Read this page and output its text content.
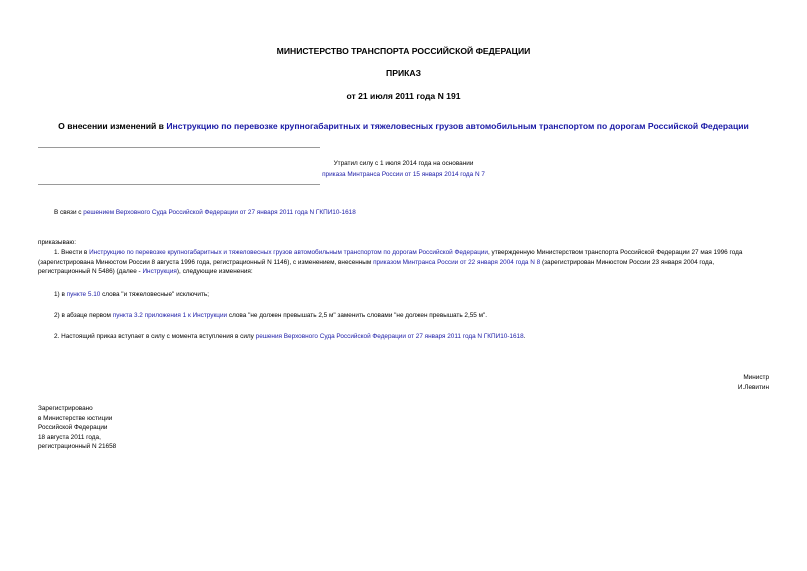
МИНИСТЕРСТВО ТРАНСПОРТА РОССИЙСКОЙ ФЕДЕРАЦИИ
ПРИКАЗ
от 21 июля 2011 года N 191
О внесении изменений в Инструкцию по перевозке крупногабаритных и тяжеловесных грузов автомобильным транспортом по дорогам Российской Федерации
Утратил силу с 1 июля 2014 года на основании
приказа Минтранса России от 15 января 2014 года N 7
В связи с решением Верховного Суда Российской Федерации от 27 января 2011 года N ГКПИ10-1618
приказываю:
1. Внести в Инструкцию по перевозке крупногабаритных и тяжеловесных грузов автомобильным транспортом по дорогам Российской Федерации, утвержденную Министерством транспорта Российской Федерации 27 мая 1996 года (зарегистрирована Минюстом России 8 августа 1996 года, регистрационный N 1146), с изменением, внесенным приказом Минтранса России от 22 января 2004 года N 8 (зарегистрирован Минюстом России 23 января 2004 года, регистрационный N 5486) (далее - Инструкция), следующие изменения:
1) в пункте 5.10 слова "и тяжеловесные" исключить;
2) в абзаце первом пункта 3.2 приложения 1 к Инструкции слова "не должен превышать 2,5 м" заменить словами "не должен превышать 2,55 м".
2. Настоящий приказ вступает в силу с момента вступления в силу решения Верховного Суда Российской Федерации от 27 января 2011 года N ГКПИ10-1618.
Министр
И.Левитин
Зарегистрировано
в Министерстве юстиции
Российской Федерации
18 августа 2011 года,
регистрационный N 21658
